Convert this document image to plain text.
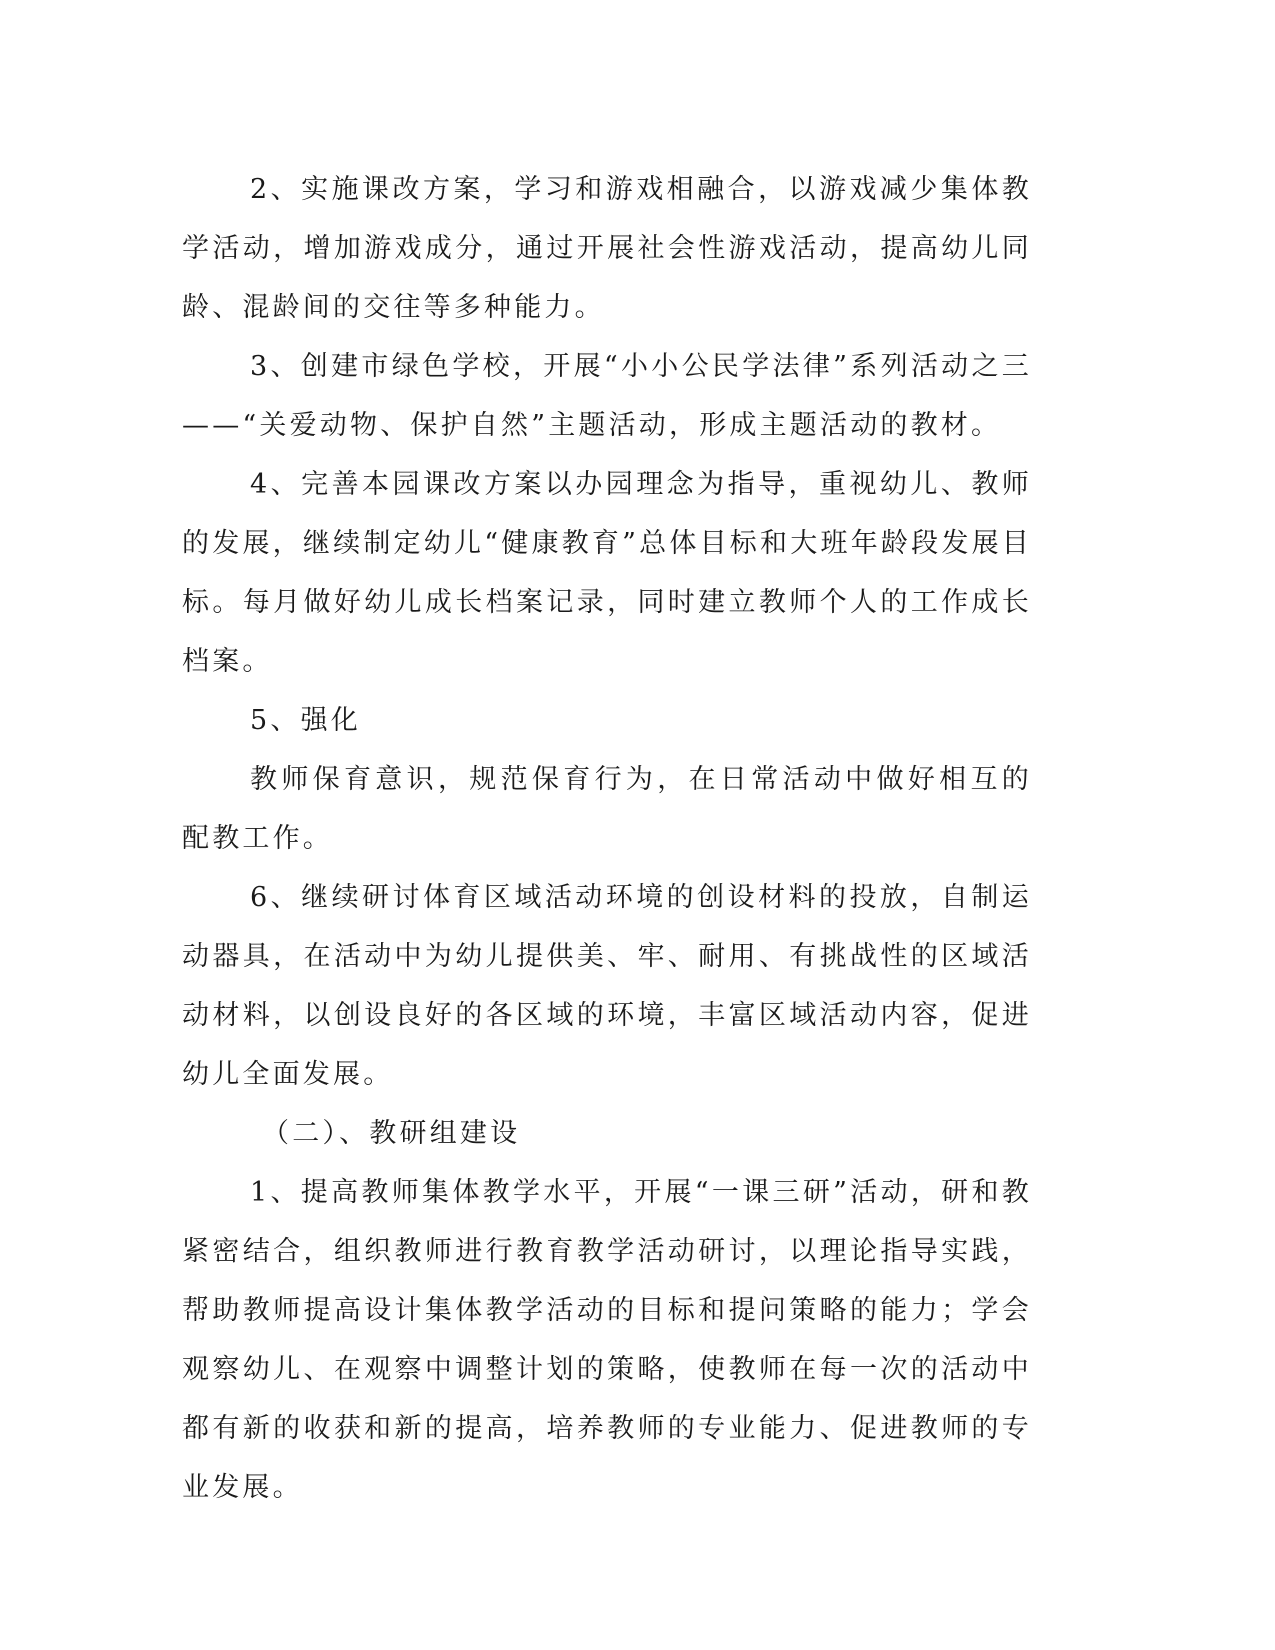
2、实施课改方案，学习和游戏相融合，以游戏减少集体教学活动，增加游戏成分，通过开展社会性游戏活动，提高幼儿同龄、混龄间的交往等多种能力。

3、创建市绿色学校，开展“小小公民学法律”系列活动之三——“关爱动物、保护自然”主题活动，形成主题活动的教材。

4、完善本园课改方案以办园理念为指导，重视幼儿、教师的发展，继续制定幼儿“健康教育”总体目标和大班年龄段发展目标。每月做好幼儿成长档案记录，同时建立教师个人的工作成长档案。

5、强化

教师保育意识，规范保育行为，在日常活动中做好相互的配教工作。

6、继续研讨体育区域活动环境的创设材料的投放，自制运动器具，在活动中为幼儿提供美、牢、耐用、有挑战性的区域活动材料，以创设良好的各区域的环境，丰富区域活动内容，促进幼儿全面发展。

（二）、教研组建设

1、提高教师集体教学水平，开展“一课三研”活动，研和教紧密结合，组织教师进行教育教学活动研讨，以理论指导实践，帮助教师提高设计集体教学活动的目标和提问策略的能力；学会观察幼儿、在观察中调整计划的策略，使教师在每一次的活动中都有新的收获和新的提高，培养教师的专业能力、促进教师的专业发展。
